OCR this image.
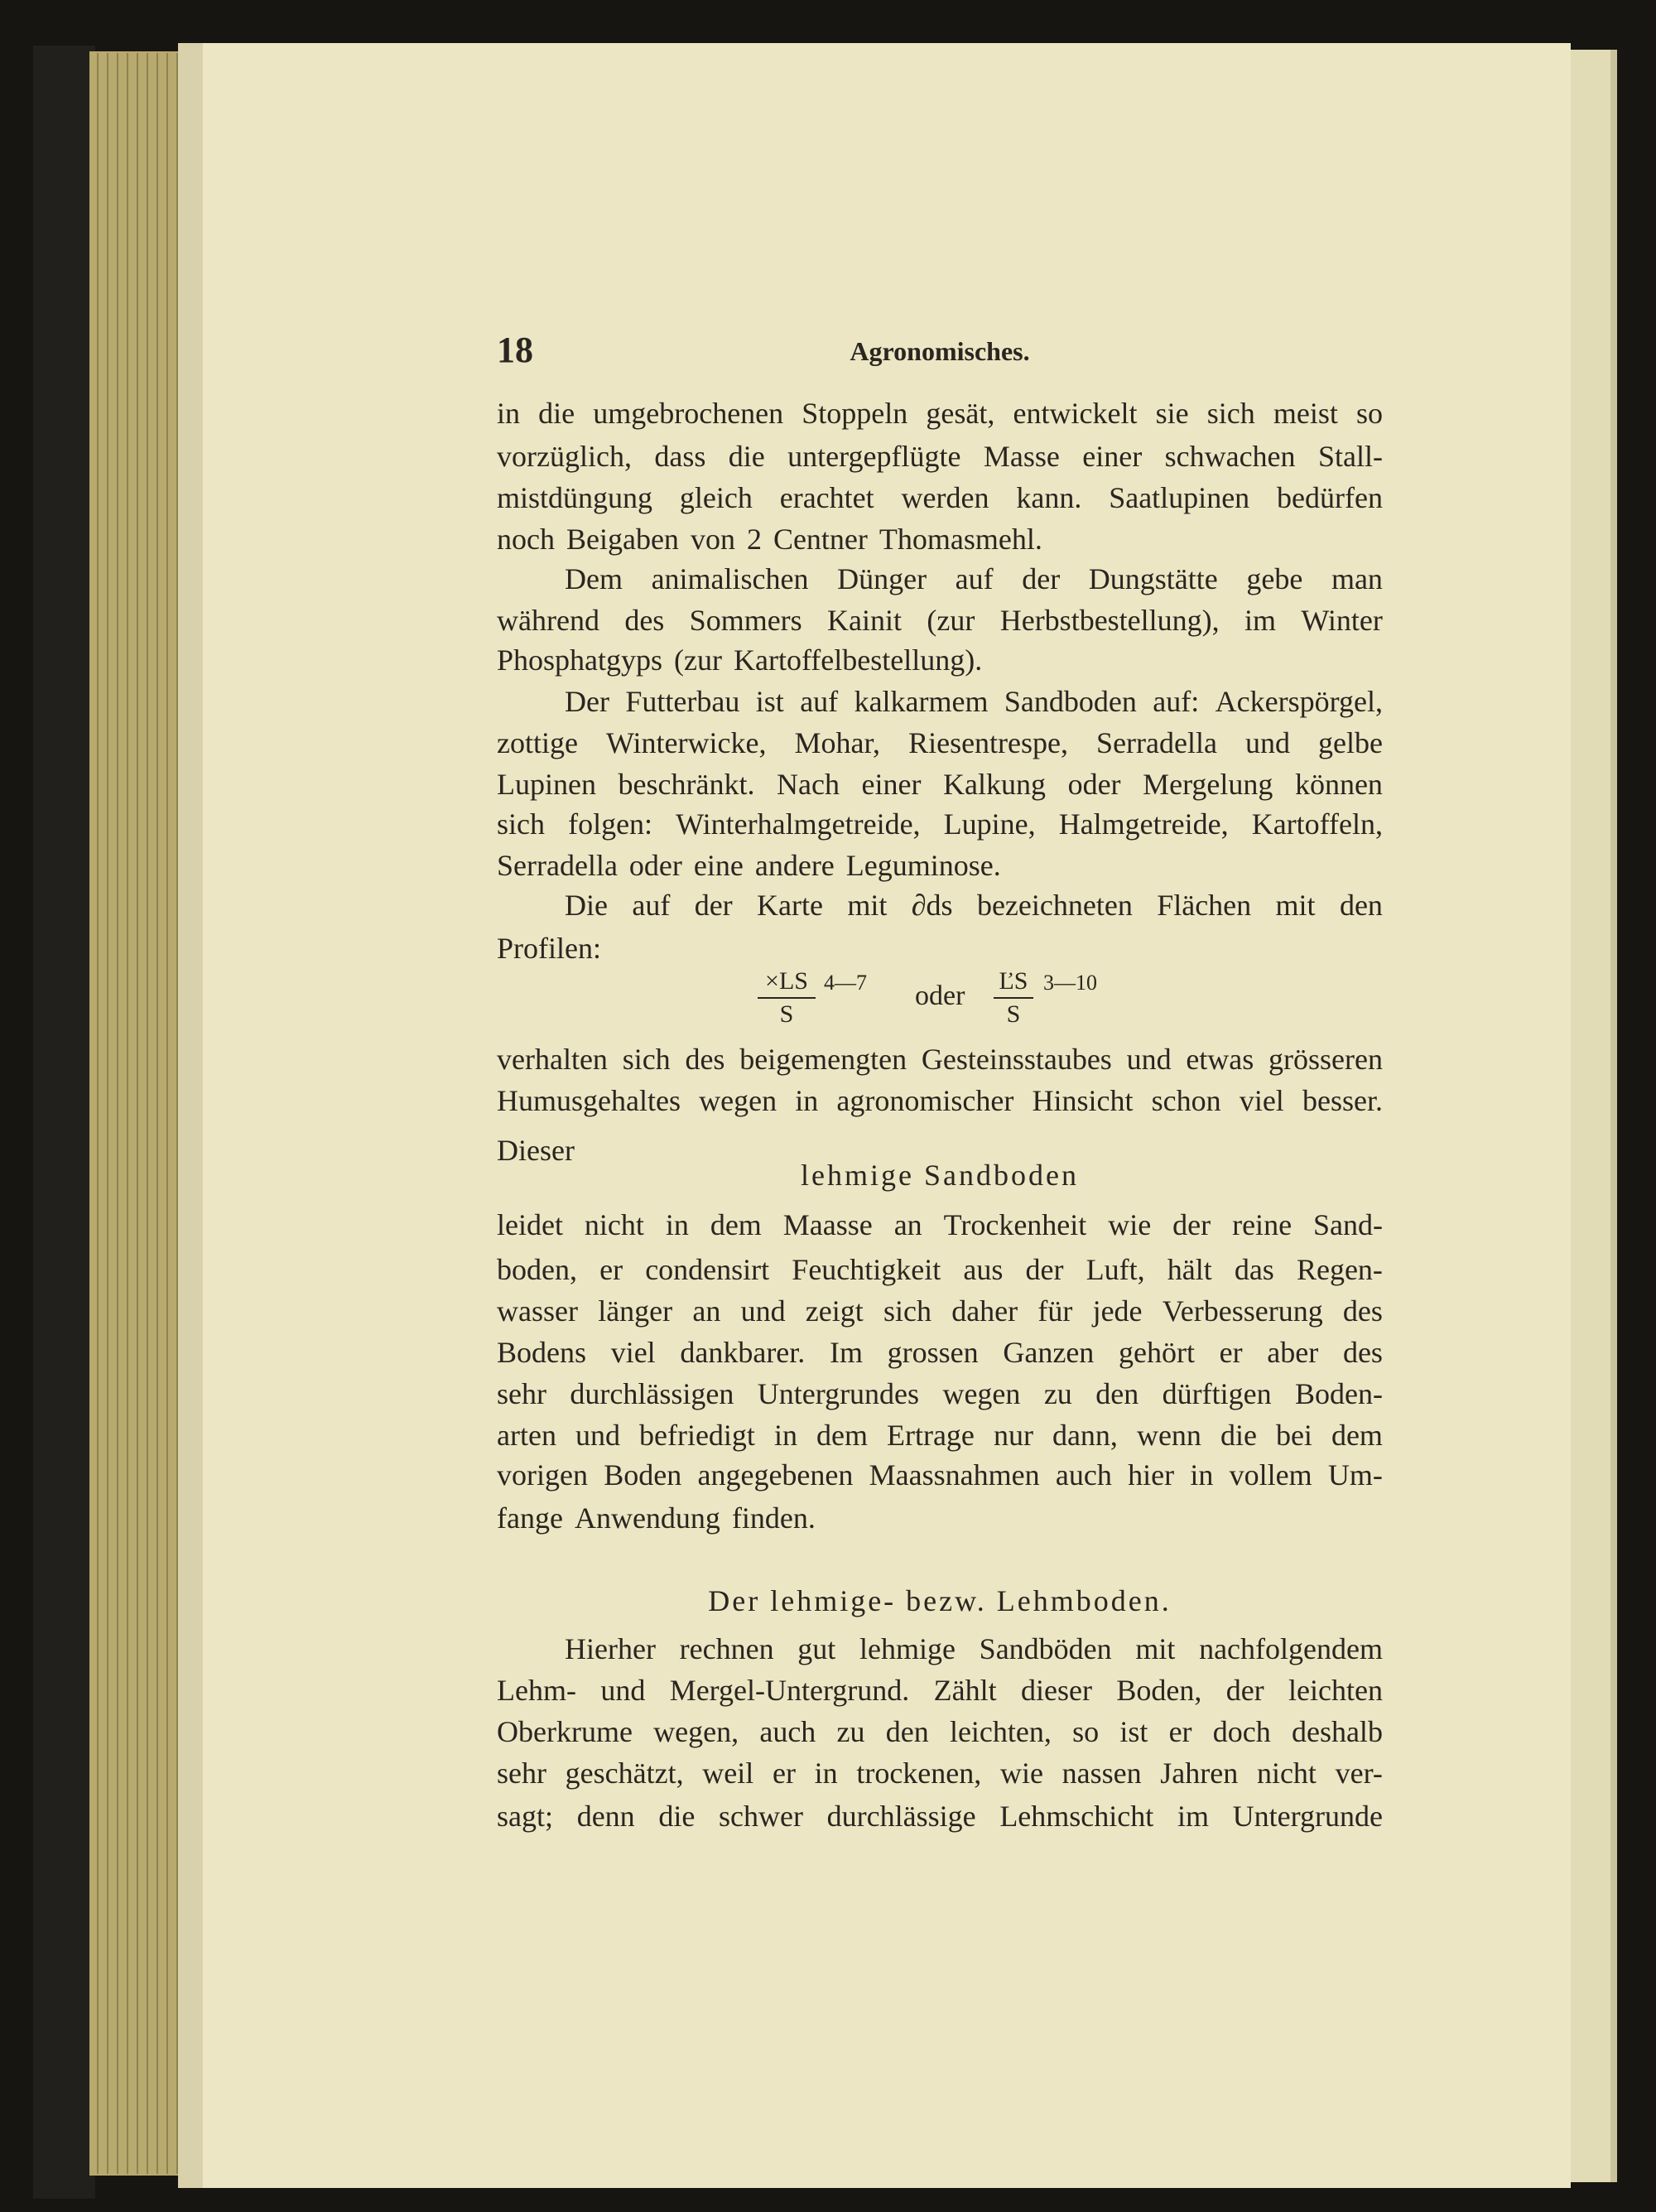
18	Agronomisches.
in die umgebrochenen Stoppeln gesät, entwickelt sie sich meist so
vorzüglich, dass die untergepflügte Masse einer schwachen Stall-
mistdüngung gleich erachtet werden kann. Saatlupinen bedürfen
noch Beigaben von 2 Centner Thomasmehl.
Dem animalischen Dünger auf der Dungstätte gebe man
während des Sommers Kainit (zur Herbstbestellung), im Winter
Phosphatgyps (zur Kartoffelbestellung).
Der Futterbau ist auf kalkarmem Sandboden auf: Ackerspörgel,
zottige Winterwicke, Mohar, Riesentrespe, Serradella und gelbe
Lupinen beschränkt. Nach einer Kalkung oder Mergelung können
sich folgen: Winterhalmgetreide, Lupine, Halmgetreide, Kartoffeln,
Serradella oder eine andere Leguminose.
Die auf der Karte mit ∂ds bezeichneten Flächen mit den
Profilen:
$\frac{\times LS}{S}$ 4—7 oder $\frac{ĽS}{S}$ 3—10
verhalten sich des beigemengten Gesteinsstaubes und etwas grösseren
Humusgehaltes wegen in agronomischer Hinsicht schon viel besser.
Dieser
lehmige Sandboden
leidet nicht in dem Maasse an Trockenheit wie der reine Sand-
boden, er condensirt Feuchtigkeit aus der Luft, hält das Regen-
wasser länger an und zeigt sich daher für jede Verbesserung des
Bodens viel dankbarer. Im grossen Ganzen gehört er aber des
sehr durchlässigen Untergrundes wegen zu den dürftigen Boden-
arten und befriedigt in dem Ertrage nur dann, wenn die bei dem
vorigen Boden angegebenen Maassnahmen auch hier in vollem Um-
fange Anwendung finden.
Der lehmige- bezw. Lehmboden.
Hierher rechnen gut lehmige Sandböden mit nachfolgendem
Lehm- und Mergel-Untergrund. Zählt dieser Boden, der leichten
Oberkrume wegen, auch zu den leichten, so ist er doch deshalb
sehr geschätzt, weil er in trockenen, wie nassen Jahren nicht ver-
sagt; denn die schwer durchlässige Lehmschicht im Untergrunde
